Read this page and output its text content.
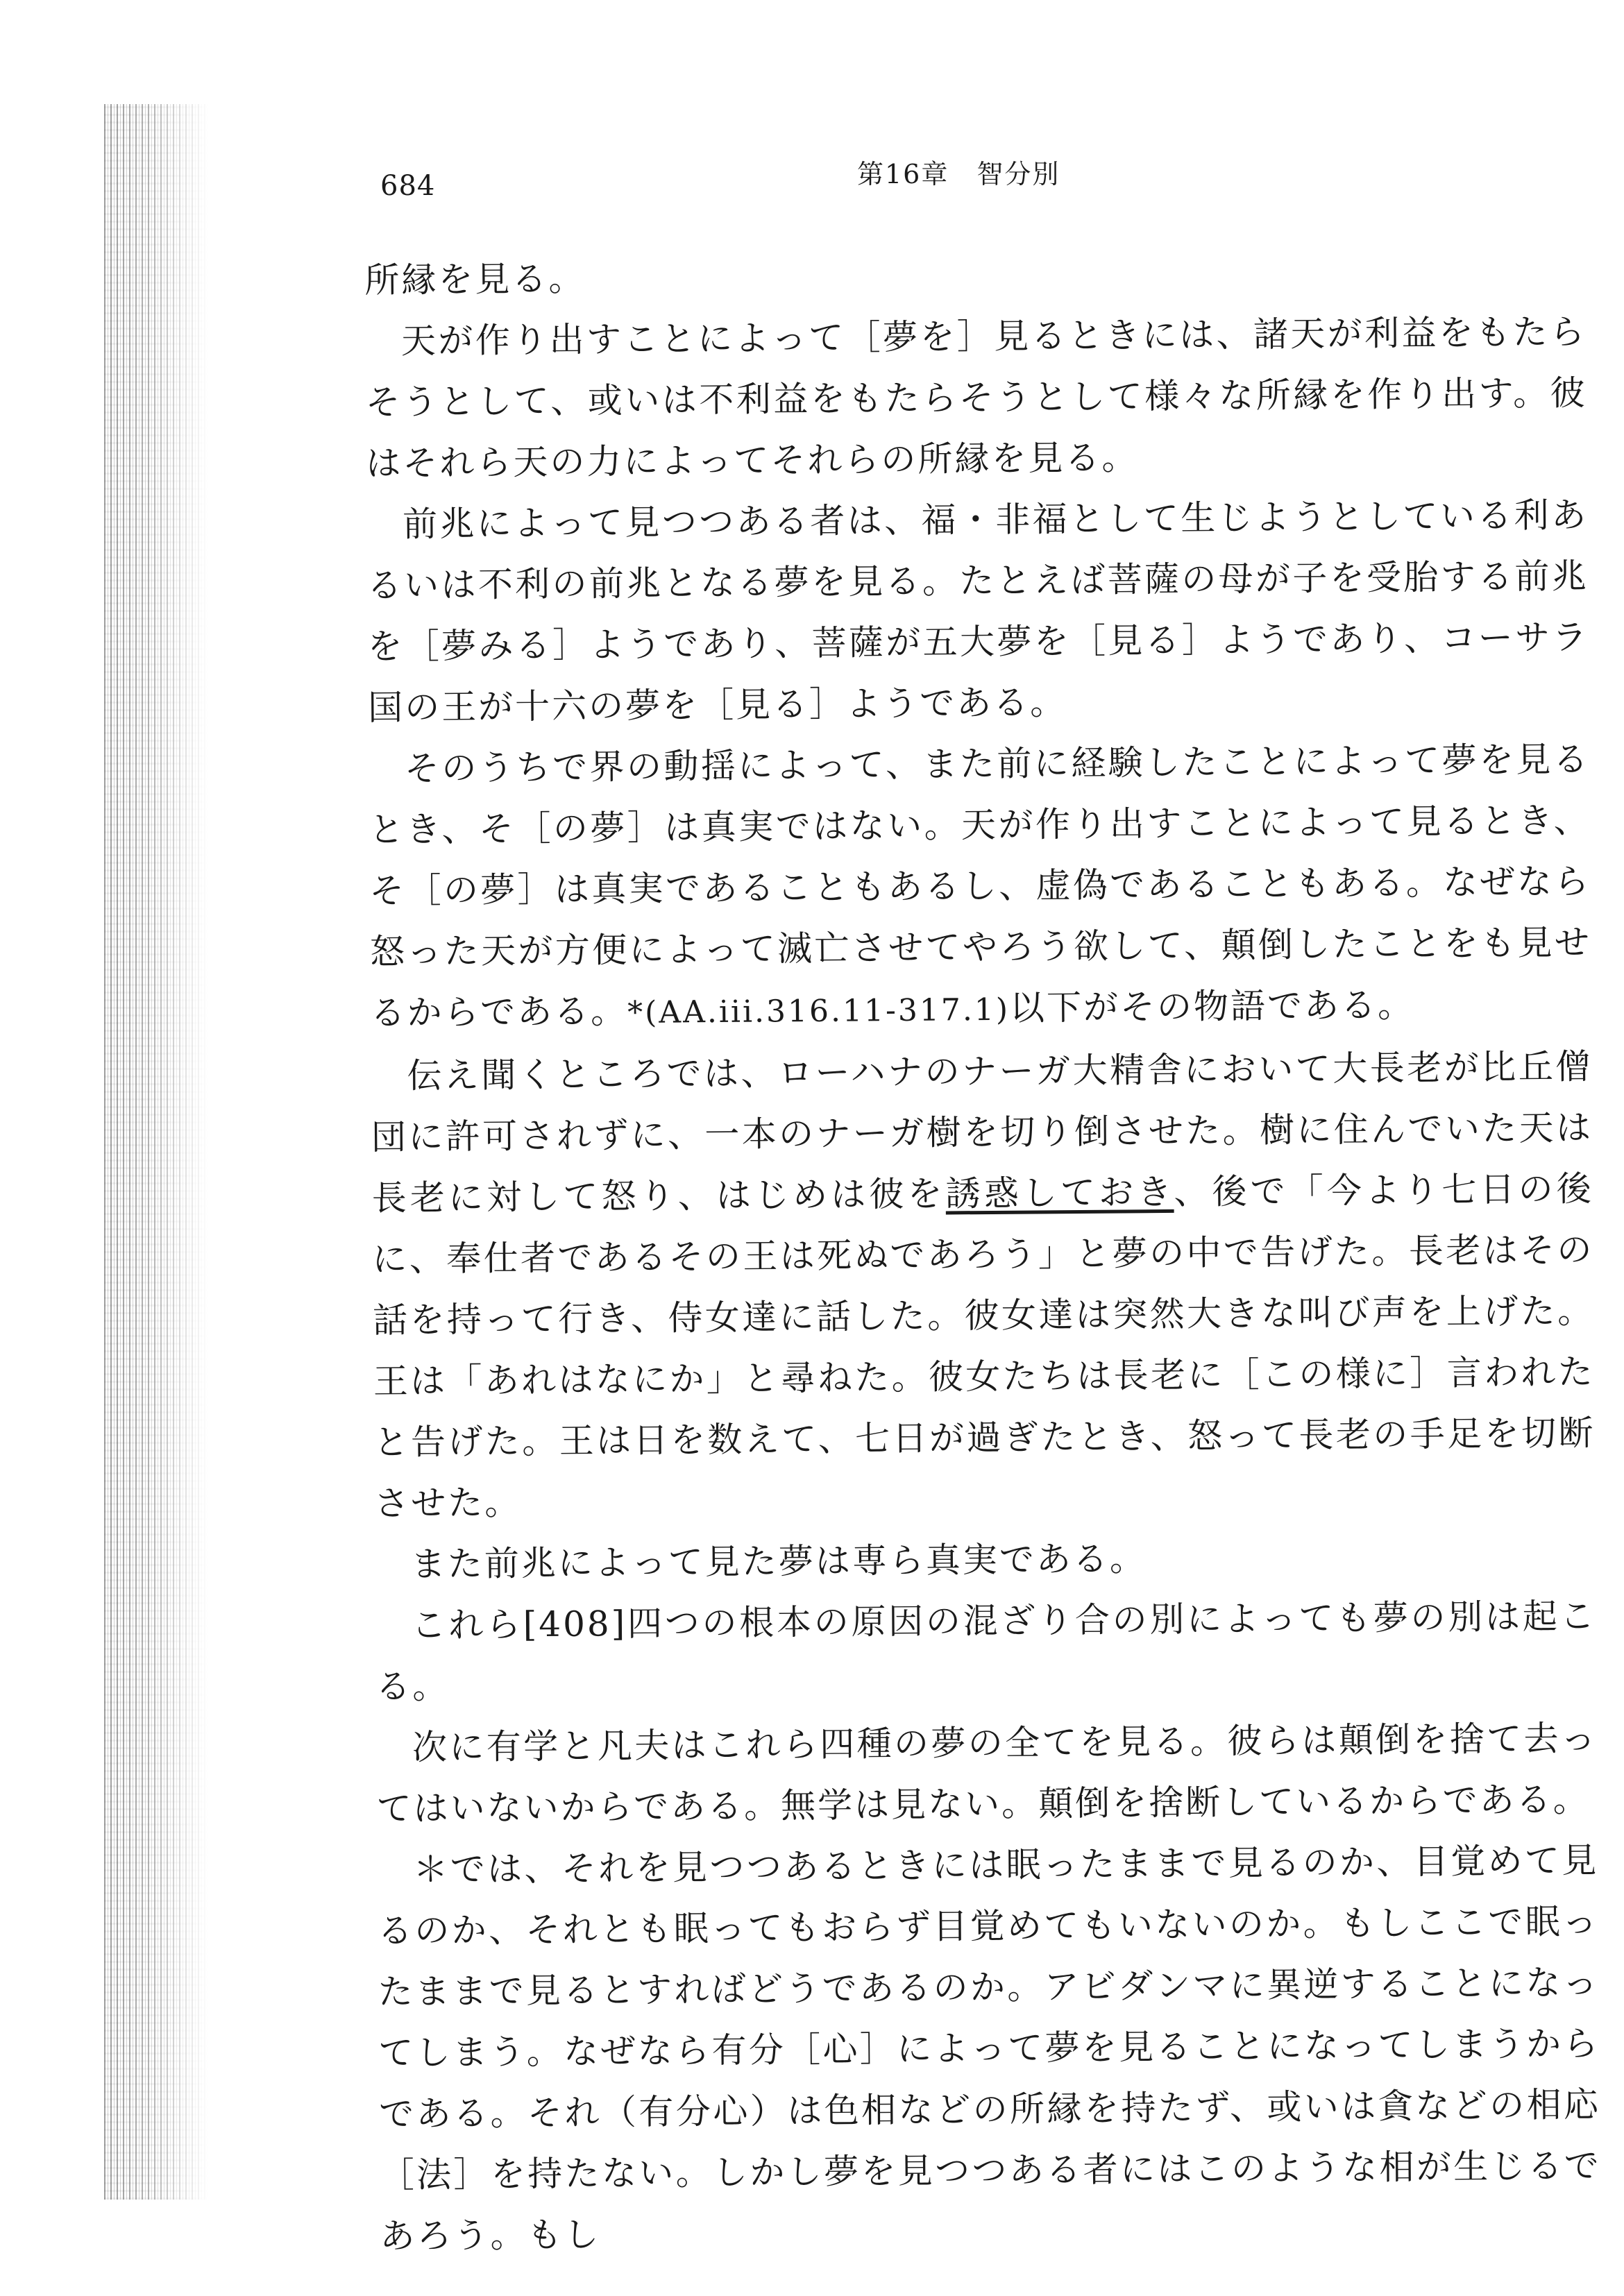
684	第16章　智分別

所縁を見る。

天が作り出すことによって［夢を］見るときには、諸天が利益をもたらそうとして、或いは不利益をもたらそうとして様々な所縁を作り出す。彼はそれら天の力によってそれらの所縁を見る。

前兆によって見つつある者は、福・非福として生じようとしている利あるいは不利の前兆となる夢を見る。たとえば菩薩の母が子を受胎する前兆を［夢みる］ようであり、菩薩が五大夢を［見る］ようであり、コーサラ国の王が十六の夢を［見る］ようである。

そのうちで界の動揺によって、また前に経験したことによって夢を見るとき、そ［の夢］は真実ではない。天が作り出すことによって見るとき、そ［の夢］は真実であることもあるし、虚偽であることもある。なぜなら怒った天が方便によって滅亡させてやろう欲して、顛倒したことをも見せるからである。*(AA.iii.316.11-317.1)以下がその物語である。

伝え聞くところでは、ローハナのナーガ大精舎において大長老が比丘僧団に許可されずに、一本のナーガ樹を切り倒させた。樹に住んでいた天は長老に対して怒り、はじめは彼を誘惑しておき、後で「今より七日の後に、奉仕者であるその王は死ぬであろう」と夢の中で告げた。長老はその話を持って行き、侍女達に話した。彼女達は突然大きな叫び声を上げた。王は「あれはなにか」と尋ねた。彼女たちは長老に［この様に］言われたと告げた。王は日を数えて、七日が過ぎたとき、怒って長老の手足を切断させた。

また前兆によって見た夢は専ら真実である。

これら[408]四つの根本の原因の混ざり合の別によっても夢の別は起こる。

次に有学と凡夫はこれら四種の夢の全てを見る。彼らは顛倒を捨て去ってはいないからである。無学は見ない。顛倒を捨断しているからである。

＊では、それを見つつあるときには眠ったままで見るのか、目覚めて見るのか、それとも眠ってもおらず目覚めてもいないのか。もしここで眠ったままで見るとすればどうであるのか。アビダンマに異逆することになってしまう。なぜなら有分［心］によって夢を見ることになってしまうからである。それ（有分心）は色相などの所縁を持たず、或いは貪などの相応［法］を持たない。しかし夢を見つつある者にはこのような相が生じるであろう。もし
